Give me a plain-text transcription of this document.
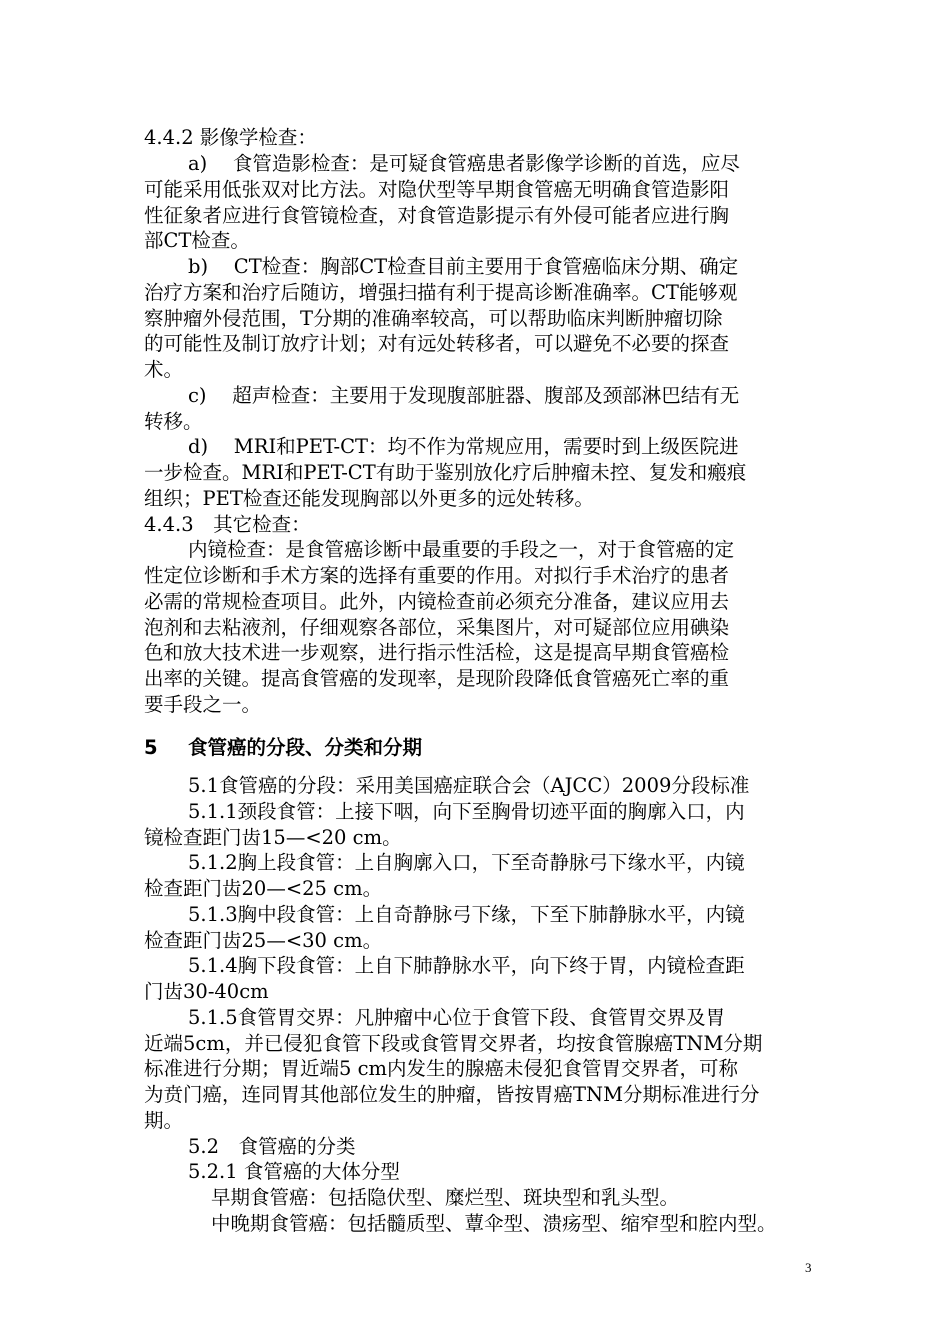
4.4.2 影像学检查：
a)　 食管造影检查：是可疑食管癌患者影像学诊断的首选，应尽
可能采用低张双对比方法。对隐伏型等早期食管癌无明确食管造影阳
性征象者应进行食管镜检查，对食管造影提示有外侵可能者应进行胸
部CT检查。
b)　 CT检查：胸部CT检查目前主要用于食管癌临床分期、确定
治疗方案和治疗后随访，增强扫描有利于提高诊断准确率。CT能够观
察肿瘤外侵范围，T分期的准确率较高，可以帮助临床判断肿瘤切除
的可能性及制订放疗计划；对有远处转移者，可以避免不必要的探查
术。
c)　 超声检查：主要用于发现腹部脏器、腹部及颈部淋巴结有无
转移。
d)　 MRI和PET-CT：均不作为常规应用，需要时到上级医院进
一步检查。MRI和PET-CT有助于鉴别放化疗后肿瘤未控、复发和瘢痕
组织；PET检查还能发现胸部以外更多的远处转移。
4.4.3　其它检查：
内镜检查：是食管癌诊断中最重要的手段之一，对于食管癌的定
性定位诊断和手术方案的选择有重要的作用。对拟行手术治疗的患者
必需的常规检查项目。此外，内镜检查前必须充分准备，建议应用去
泡剂和去粘液剂，仔细观察各部位，采集图片，对可疑部位应用碘染
色和放大技术进一步观察，进行指示性活检，这是提高早期食管癌检
出率的关键。提高食管癌的发现率，是现阶段降低食管癌死亡率的重
要手段之一。
5 食管癌的分段、分类和分期
5.1食管癌的分段：采用美国癌症联合会（AJCC）2009分段标准
5.1.1颈段食管：上接下咽，向下至胸骨切迹平面的胸廓入口，内
镜检查距门齿15—<20 cm。
5.1.2胸上段食管：上自胸廓入口，下至奇静脉弓下缘水平，内镜
检查距门齿20—<25 cm。
5.1.3胸中段食管：上自奇静脉弓下缘，下至下肺静脉水平，内镜
检查距门齿25—<30 cm。
5.1.4胸下段食管：上自下肺静脉水平，向下终于胃，内镜检查距
门齿30-40cm
5.1.5食管胃交界：凡肿瘤中心位于食管下段、食管胃交界及胃
近端5cm，并已侵犯食管下段或食管胃交界者，均按食管腺癌TNM分期
标准进行分期；胃近端5 cm内发生的腺癌未侵犯食管胃交界者，可称
为贲门癌，连同胃其他部位发生的肿瘤，皆按胃癌TNM分期标准进行分
期。
5.2　食管癌的分类
5.2.1 食管癌的大体分型
早期食管癌：包括隐伏型、糜烂型、斑块型和乳头型。
中晚期食管癌：包括髓质型、蕈伞型、溃疡型、缩窄型和腔内型。
3
